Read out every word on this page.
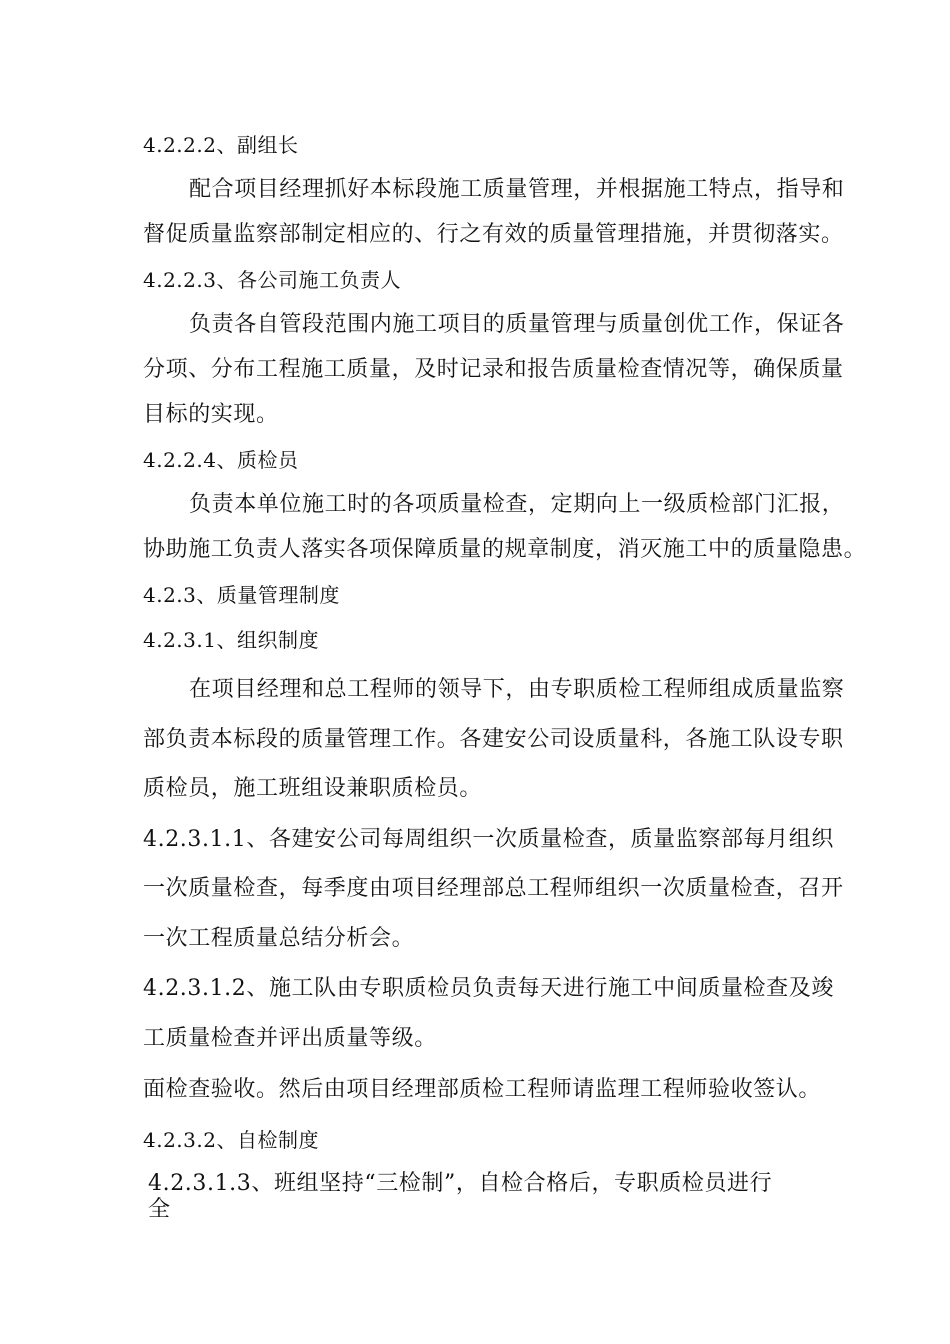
4.2.2.2、副组长
配合项目经理抓好本标段施工质量管理，并根据施工特点，指导和
督促质量监察部制定相应的、行之有效的质量管理措施，并贯彻落实。
4.2.2.3、各公司施工负责人
负责各自管段范围内施工项目的质量管理与质量创优工作，保证各
分项、分布工程施工质量，及时记录和报告质量检查情况等，确保质量
目标的实现。
4.2.2.4、质检员
负责本单位施工时的各项质量检查，定期向上一级质检部门汇报，
协助施工负责人落实各项保障质量的规章制度，消灭施工中的质量隐患。
4.2.3、质量管理制度
4.2.3.1、组织制度
在项目经理和总工程师的领导下，由专职质检工程师组成质量监察
部负责本标段的质量管理工作。各建安公司设质量科，各施工队设专职
质检员，施工班组设兼职质检员。
4.2.3.1.1、各建安公司每周组织一次质量检查，质量监察部每月组织
一次质量检查，每季度由项目经理部总工程师组织一次质量检查，召开
一次工程质量总结分析会。
4.2.3.1.2、施工队由专职质检员负责每天进行施工中间质量检查及竣
工质量检查并评出质量等级。
面检查验收。然后由项目经理部质检工程师请监理工程师验收签认。
4.2.3.2、自检制度
4.2.3.1.3、班组坚持“三检制”，自检合格后，专职质检员进行
全
